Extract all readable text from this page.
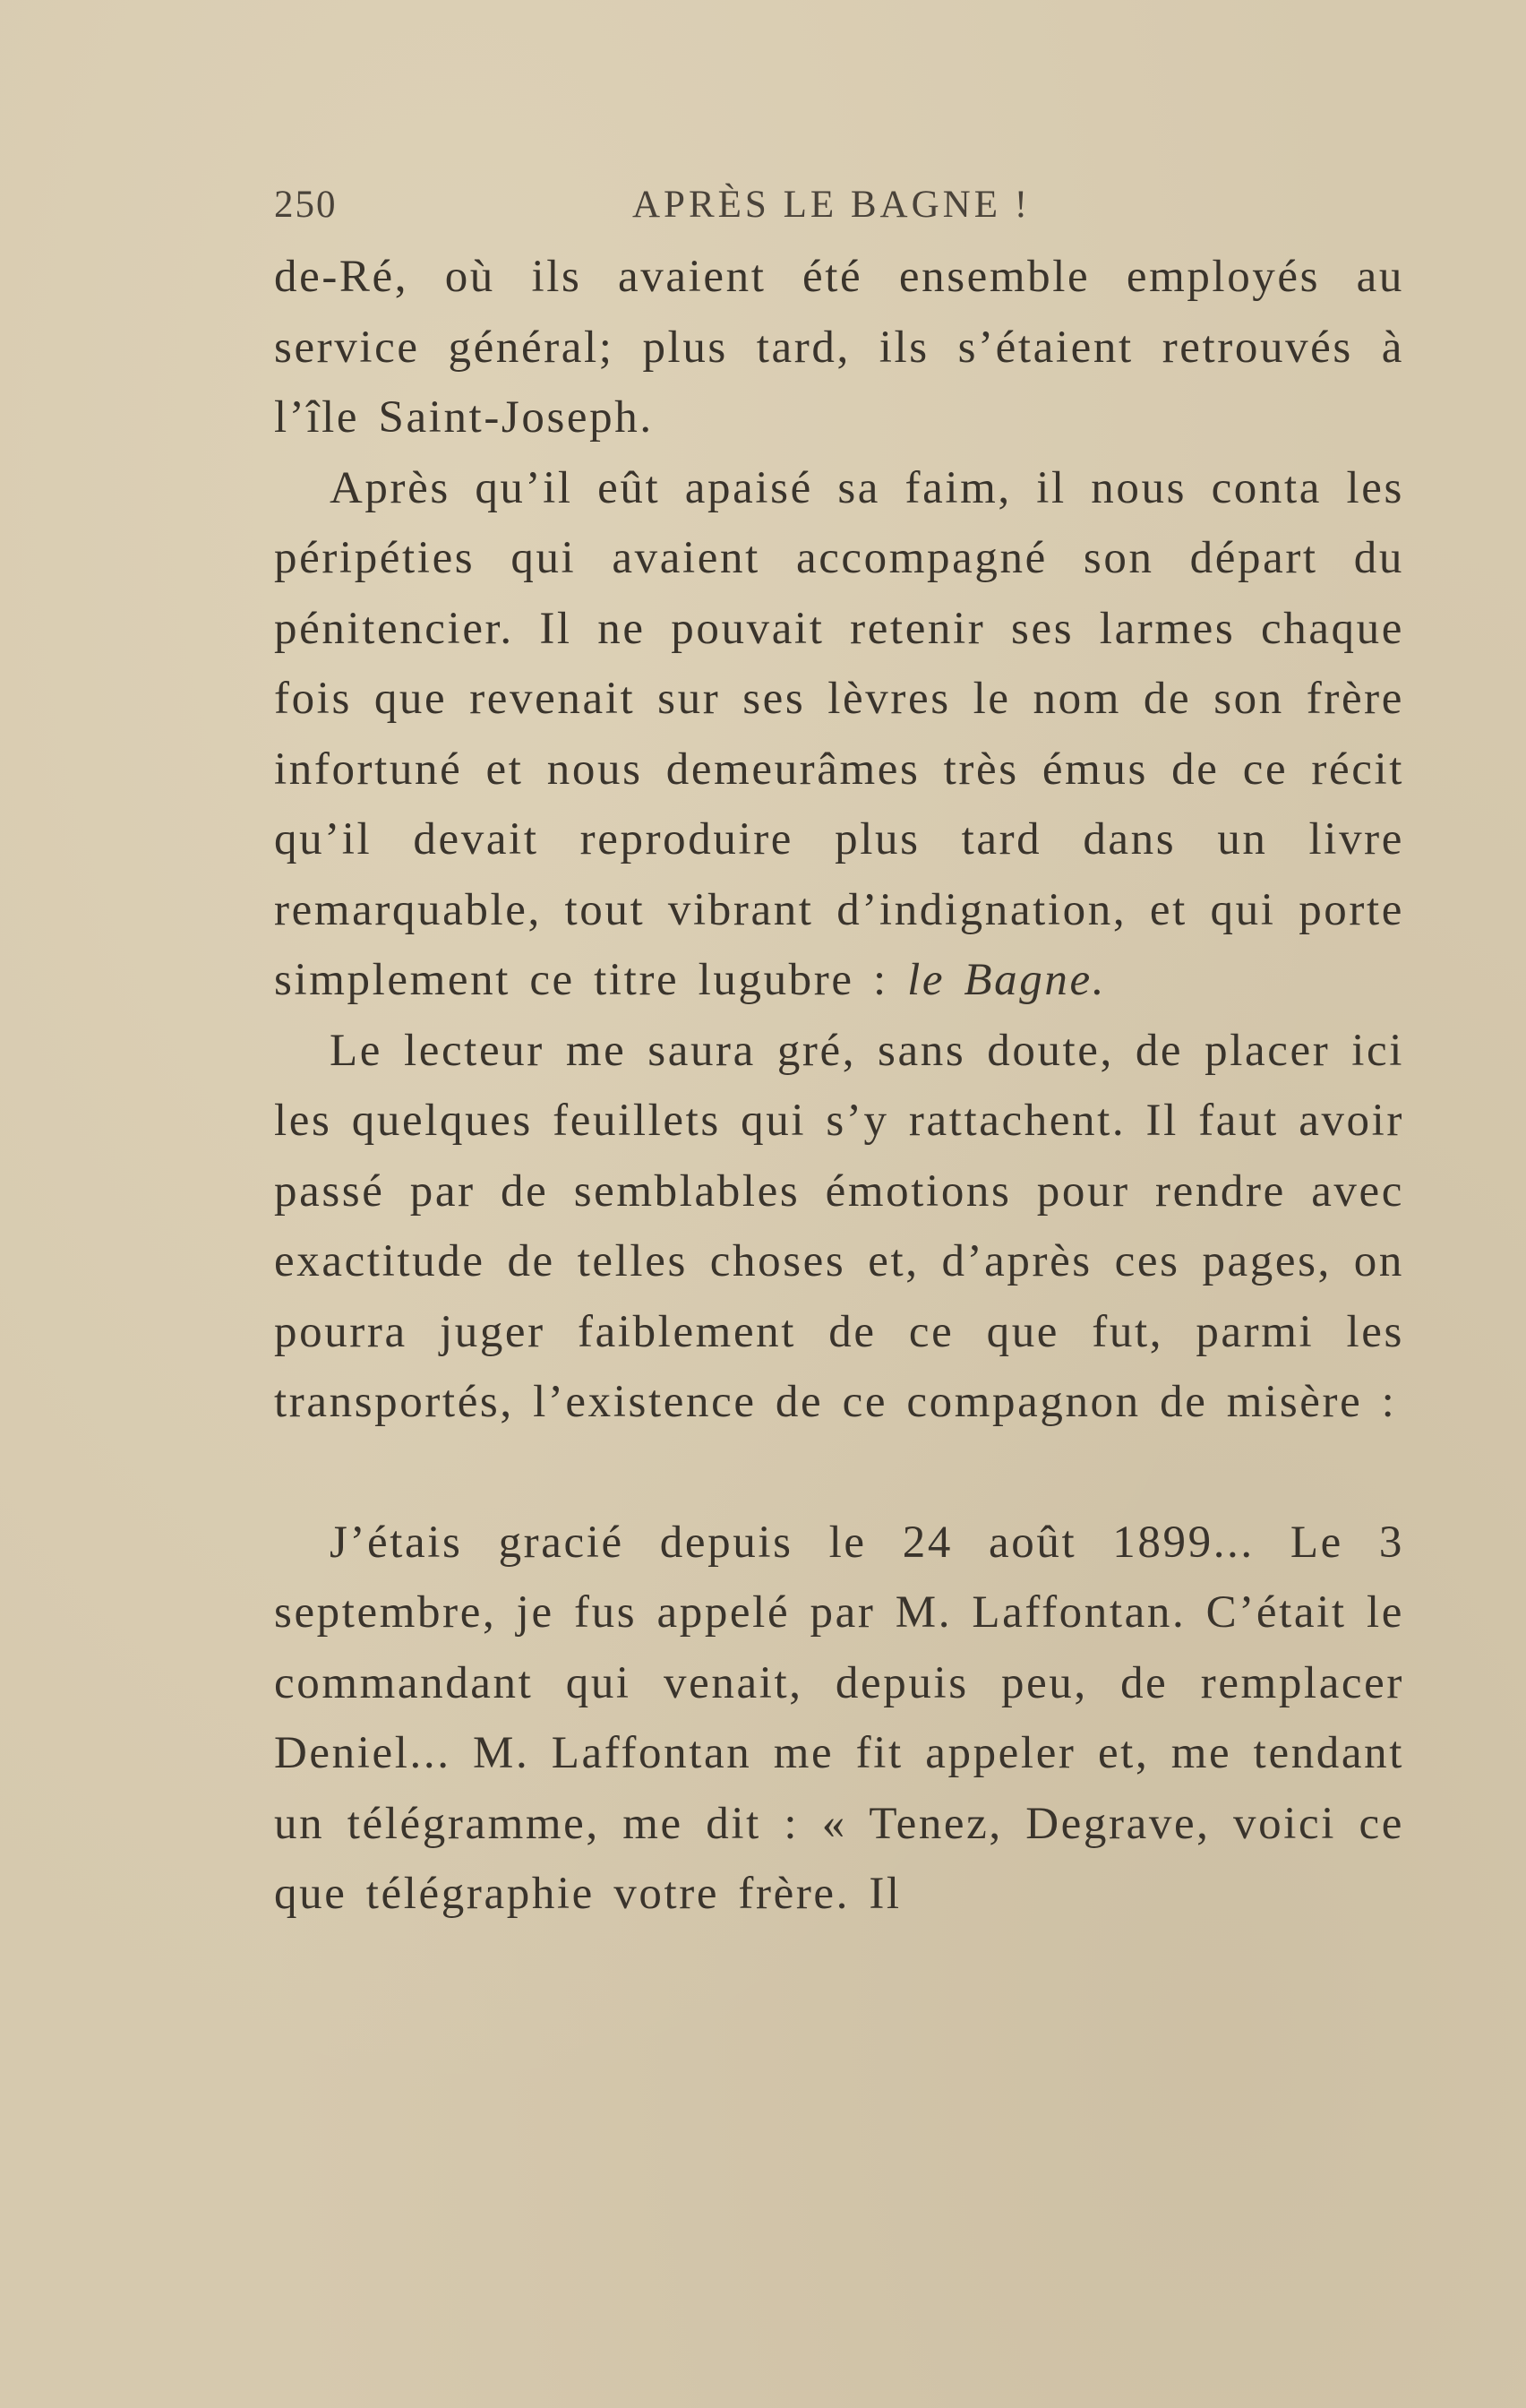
250	APRÈS LE BAGNE !

de-Ré, où ils avaient été ensemble employés au service général; plus tard, ils s’étaient retrouvés à l’île Saint-Joseph.

Après qu’il eût apaisé sa faim, il nous conta les péripéties qui avaient accompagné son départ du pénitencier. Il ne pouvait retenir ses larmes chaque fois que revenait sur ses lèvres le nom de son frère infortuné et nous demeurâmes très émus de ce récit qu’il devait reproduire plus tard dans un livre remarquable, tout vibrant d’indignation, et qui porte simplement ce titre lugubre : le Bagne.

Le lecteur me saura gré, sans doute, de placer ici les quelques feuillets qui s’y rattachent. Il faut avoir passé par de semblables émotions pour rendre avec exactitude de telles choses et, d’après ces pages, on pourra juger faiblement de ce que fut, parmi les transportés, l’existence de ce compagnon de misère :

J’étais gracié depuis le 24 août 1899... Le 3 septembre, je fus appelé par M. Laffontan. C’était le commandant qui venait, depuis peu, de remplacer Deniel... M. Laffontan me fit appeler et, me tendant un télégramme, me dit : « Tenez, Degrave, voici ce que télégraphie votre frère. Il
